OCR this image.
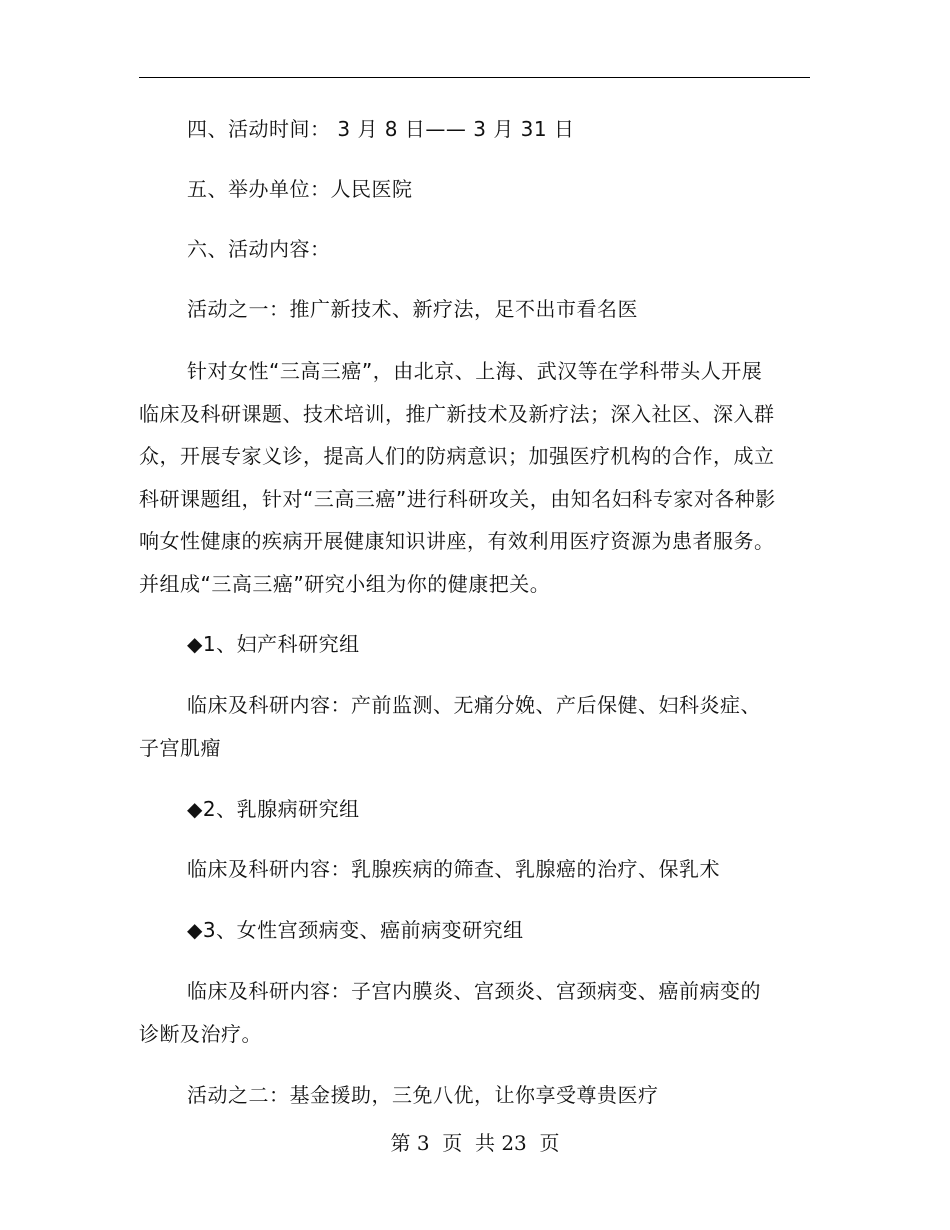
四、活动时间： 3 月 8 日—— 3 月 31 日
五、举办单位：人民医院
六、活动内容：
活动之一：推广新技术、新疗法，足不出市看名医
针对女性“三高三癌”，由北京、上海、武汉等在学科带头人开展临床及科研课题、技术培训，推广新技术及新疗法；深入社区、深入群众，开展专家义诊，提高人们的防病意识；加强医疗机构的合作，成立科研课题组，针对“三高三癌”进行科研攻关，由知名妇科专家对各种影响女性健康的疾病开展健康知识讲座，有效利用医疗资源为患者服务。并组成“三高三癌”研究小组为你的健康把关。
◆1、妇产科研究组
临床及科研内容：产前监测、无痛分娩、产后保健、妇科炎症、子宫肌瘤
◆2、乳腺病研究组
临床及科研内容：乳腺疾病的筛查、乳腺癌的治疗、保乳术
◆3、女性宫颈病变、癌前病变研究组
临床及科研内容：子宫内膜炎、宫颈炎、宫颈病变、癌前病变的诊断及治疗。
活动之二：基金援助，三免八优，让你享受尊贵医疗
第 3  页  共 23  页
